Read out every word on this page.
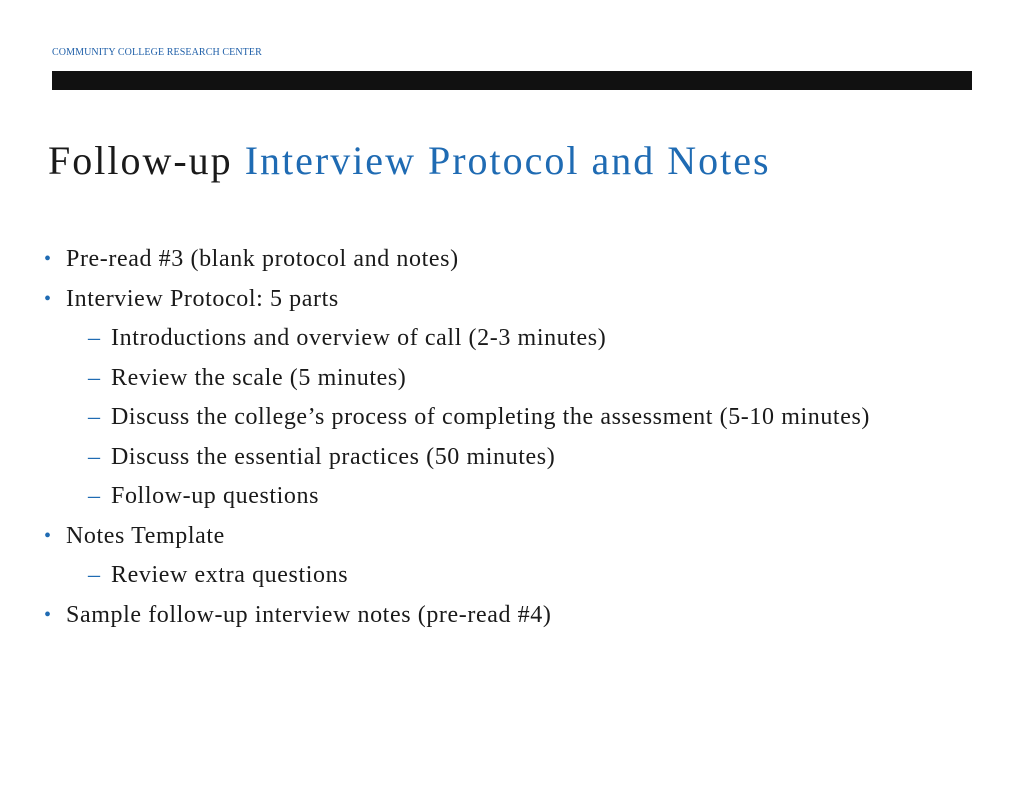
COMMUNITY COLLEGE RESEARCH CENTER
Follow-up Interview Protocol and Notes
• Pre-read #3 (blank protocol and notes)
• Interview Protocol: 5 parts
– Introductions and overview of call (2-3 minutes)
– Review the scale (5 minutes)
– Discuss the college’s process of completing the assessment (5-10 minutes)
– Discuss the essential practices (50 minutes)
– Follow-up questions
• Notes Template
– Review extra questions
• Sample follow-up interview notes (pre-read #4)
